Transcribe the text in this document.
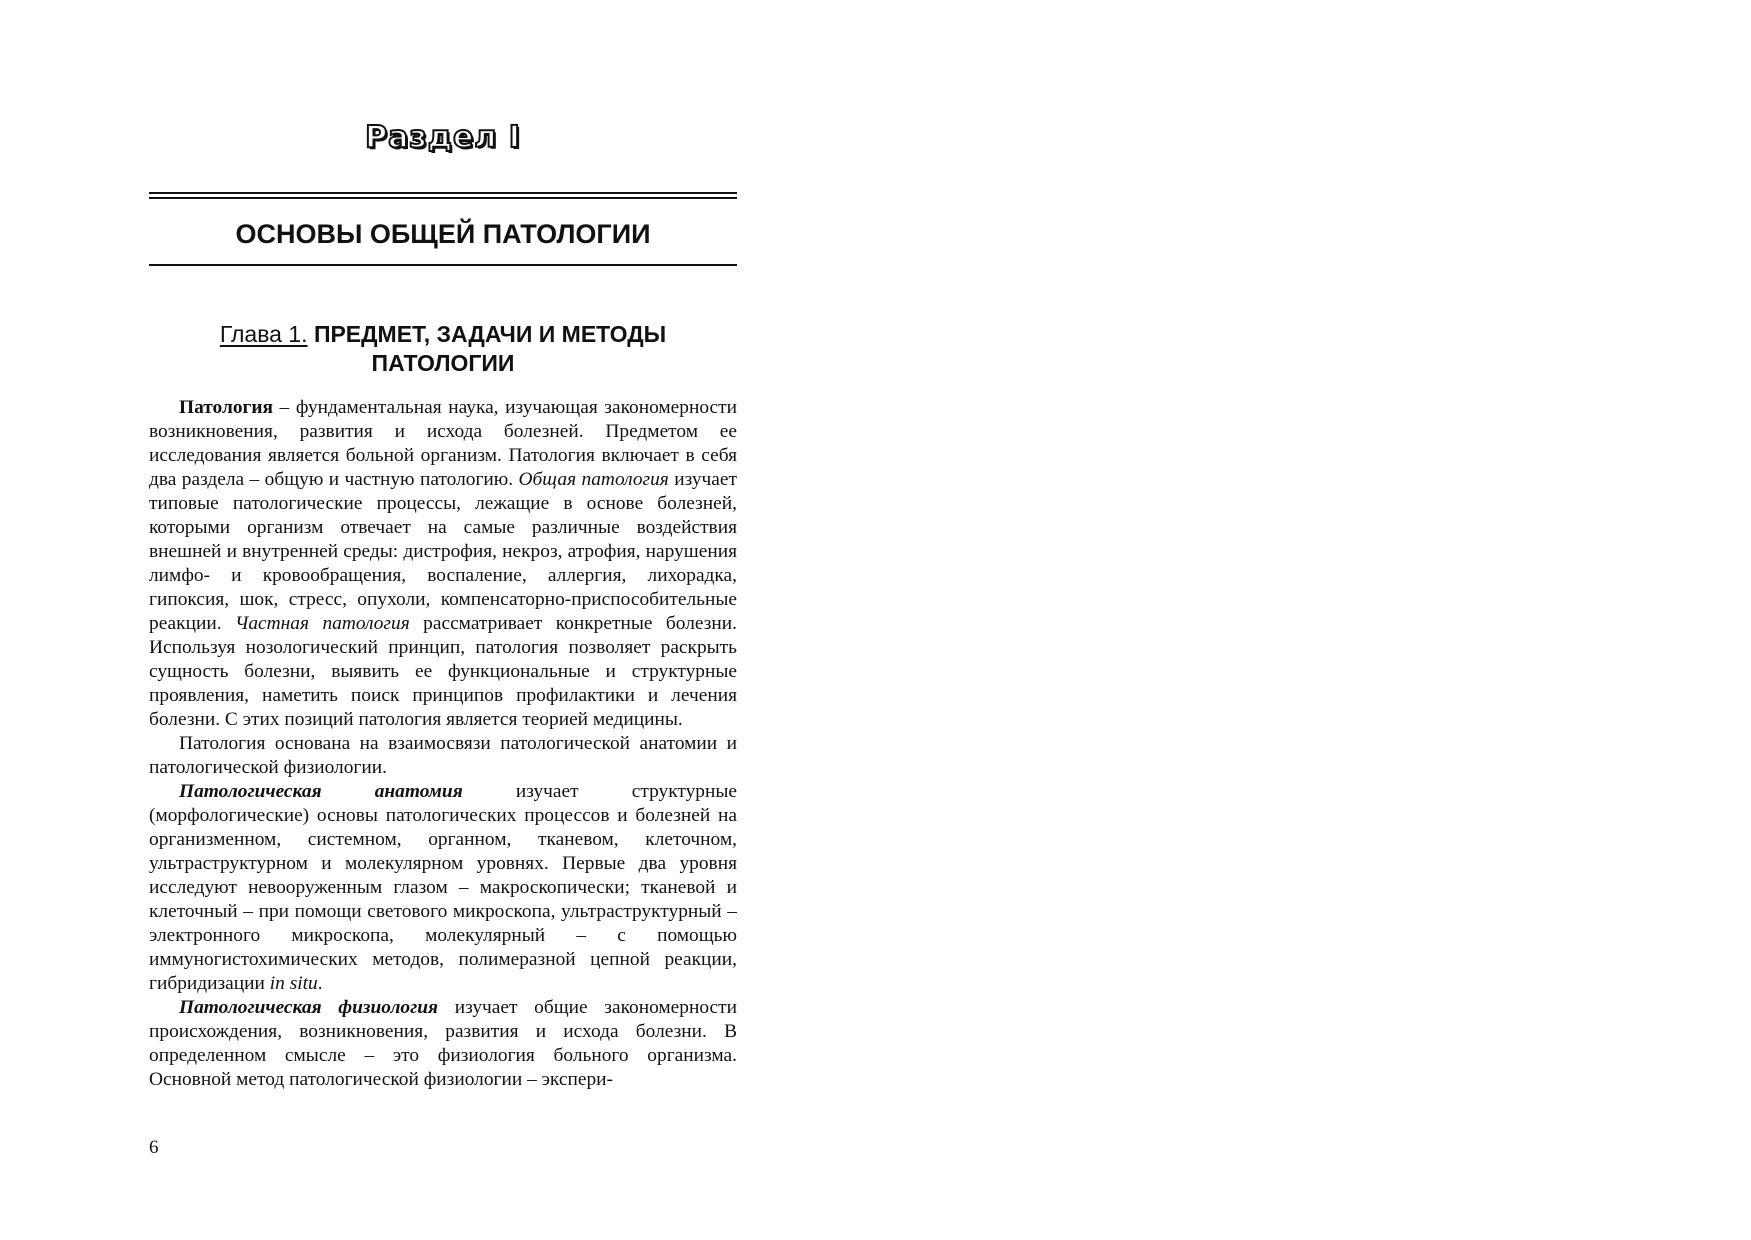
Раздел I
ОСНОВЫ ОБЩЕЙ ПАТОЛОГИИ
Глава 1. ПРЕДМЕТ, ЗАДАЧИ И МЕТОДЫ
ПАТОЛОГИИ

Патология – фундаментальная наука, изучающая закономерности возникновения, развития и исхода болезней. Предметом ее исследования является больной организм. Патология включает в себя два раздела – общую и частную патологию. Общая патология изучает типовые патологические процессы, лежащие в основе болезней, которыми организм отвечает на самые различные воздействия внешней и внутренней среды: дистрофия, некроз, атрофия, нарушения лимфо- и кровообращения, воспаление, аллергия, лихорадка, гипоксия, шок, стресс, опухоли, компенсаторно-приспособительные реакции. Частная патология рассматривает конкретные болезни. Используя нозологический принцип, патология позволяет раскрыть сущность болезни, выявить ее функциональные и структурные проявления, наметить поиск принципов профилактики и лечения болезни. С этих позиций патология является теорией медицины.

Патология основана на взаимосвязи патологической анатомии и патологической физиологии.

Патологическая анатомия изучает структурные (морфологические) основы патологических процессов и болезней на организменном, системном, органном, тканевом, клеточном, ультраструктурном и молекулярном уровнях. Первые два уровня исследуют невооруженным глазом – макроскопически; тканевой и клеточный – при помощи светового микроскопа, ультраструктурный – электронного микроскопа, молекулярный – с помощью иммуногистохимических методов, полимеразной цепной реакции, гибридизации in situ.

Патологическая физиология изучает общие закономерности происхождения, возникновения, развития и исхода болезни. В определенном смысле – это физиология больного организма. Основной метод патологической физиологии – экспери-

6
